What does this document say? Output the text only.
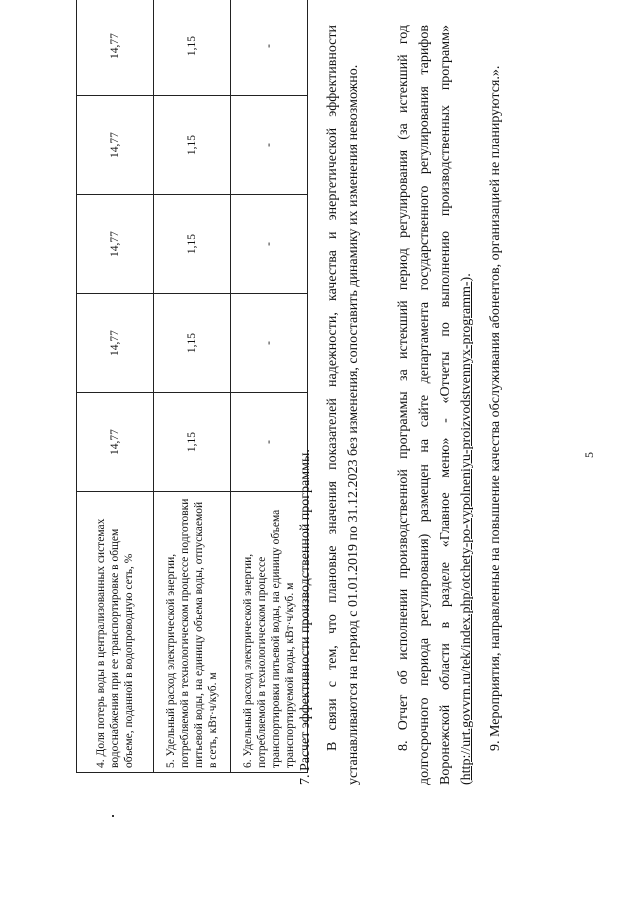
5
4. Доля потерь воды в централизованных системах водоснабжения при ее транспортировке в общем объеме, поданной в водопроводную сеть, %	14,77	14,77	14,77	14,77	14,77
5. Удельный расход электрической энергии, потребляемой в технологическом процессе подготовки питьевой воды, на единицу объема воды, отпускаемой в сеть, кВт·ч/куб. м	1,15	1,15	1,15	1,15	1,15
6. Удельный расход электрической энергии, потребляемой в технологическом процессе транспортировки питьевой воды, на единицу объема транспортируемой воды, кВт·ч/куб. м	-	-	-	-	-
7. Расчет эффективности производственной программы. В связи с тем, что плановые значения показателей надежности, качества и энергетической эффективности устанавливаются на период с 01.01.2019 по 31.12.2023 без изменения, сопоставить динамику их изменения невозможно.	8. Отчет об исполнении производственной программы за истекший период регулирования (за истекший год долгосрочного периода регулирования) размещен на сайте департамента государственного регулирования тарифов Воронежской области в разделе «Главное меню» - «Отчеты по выполнению производственных программ» (http://urt.govvrn.ru/tek/index.php/otchety-po-vypolneniyu-proizvodstvennyx-programm-). 9. Мероприятия, направленные на повышение качества обслуживания абонентов, организацией не планируются.».
